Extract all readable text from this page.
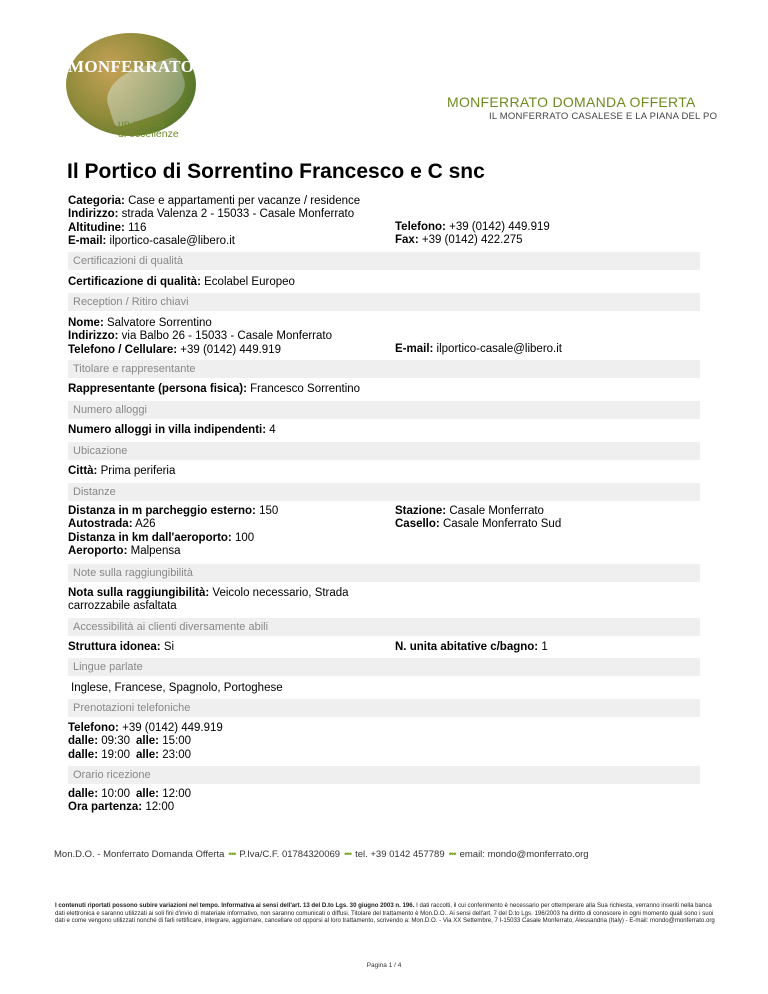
MONFERRATO
un mondo
di eccellenze
MONFERRATO DOMANDA OFFERTA
IL MONFERRATO CASALESE E LA PIANA DEL PO
Il Portico di Sorrentino Francesco e C snc
Categoria: Case e appartamenti per vacanze / residence
Indirizzo: strada Valenza 2 - 15033 - Casale Monferrato
Altitudine: 116
E-mail: ilportico-casale@libero.it
Telefono: +39 (0142) 449.919
Fax: +39 (0142) 422.275
Certificazioni di qualità
Certificazione di qualità: Ecolabel Europeo
Reception / Ritiro chiavi
Nome: Salvatore Sorrentino
Indirizzo: via Balbo 26 - 15033 - Casale Monferrato
Telefono / Cellulare: +39 (0142) 449.919	E-mail: ilportico-casale@libero.it
Titolare e rappresentante
Rappresentante (persona fisica): Francesco Sorrentino
Numero alloggi
Numero alloggi in villa indipendenti: 4
Ubicazione
Città: Prima periferia
Distanze
Distanza in m parcheggio esterno: 150
Autostrada: A26
Distanza in km dall'aeroporto: 100
Aeroporto: Malpensa
Stazione: Casale Monferrato
Casello: Casale Monferrato Sud
Note sulla raggiungibilità
Nota sulla raggiungibilità: Veicolo necessario, Strada
carrozzabile asfaltata
Accessibilità ai clienti diversamente abili
Struttura idonea: Si	N. unita abitative c/bagno: 1
Lingue parlate
Inglese, Francese, Spagnolo, Portoghese
Prenotazioni telefoniche
Telefono: +39 (0142) 449.919
dalle: 09:30 alle: 15:00
dalle: 19:00 alle: 23:00
Orario ricezione
dalle: 10:00 alle: 12:00
Ora partenza: 12:00
Mon.D.O. - Monferrato Domanda Offerta ••• P.Iva/C.F. 01784320069 ••• tel. +39 0142 457789 ••• email: mondo@monferrato.org
I contenuti riportati possono subire variazioni nel tempo. Informativa ai sensi dell'art. 13 del D.to Lgs. 30 giugno 2003 n. 196. I dati raccolti, il cui conferimento è necessario per ottemperare alla Sua richiesta, verranno inseriti nella banca dati elettronica e saranno utilizzati ai soli fini d'invio di materiale informativo, non saranno comunicati o diffusi. Titolare del trattamento è Mon.D.O.. Ai sensi dell'art. 7 del D.to Lgs. 196/2003 ha diritto di conoscere in ogni momento quali sono i suoi dati e come vengono utilizzati nonché di farli rettificare, integrare, aggiornare, cancellare od opporsi al loro trattamento, scrivendo a: Mon.D.O. - Via XX Settembre, 7 I-15033 Casale Monferrato, Alessandria (Italy) - E-mail: mondo@monferrato.org
Pagina 1 / 4
